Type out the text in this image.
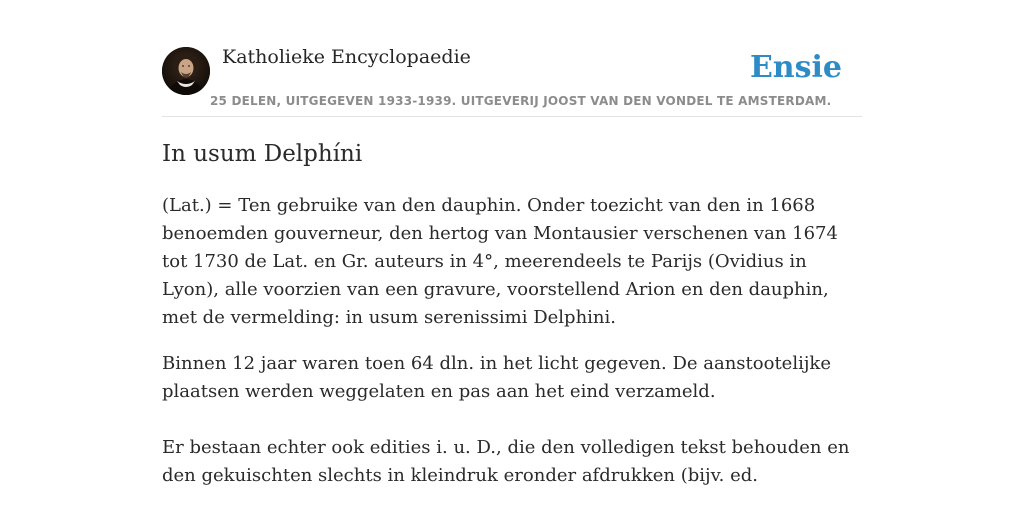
Katholieke Encyclopaedie
25 DELEN, UITGEGEVEN 1933-1939. UITGEVERIJ JOOST VAN DEN VONDEL TE AMSTERDAM.
Ensie
In usum Delphíni

(Lat.) = Ten gebruike van den dauphin. Onder toezicht van den in 1668 benoemden gouverneur, den hertog van Montausier verschenen van 1674 tot 1730 de Lat. en Gr. auteurs in 4°, meerendeels te Parijs (Ovidius in Lyon), alle voorzien van een gravure, voorstellend Arion en den dauphin, met de vermelding: in usum serenissimi Delphini.

Binnen 12 jaar waren toen 64 dln. in het licht gegeven. De aanstootelijke plaatsen werden weggelaten en pas aan het eind verzameld.

Er bestaan echter ook edities i. u. D., die den volledigen tekst behouden en den gekuischten slechts in kleindruk eronder afdrukken (bijv. ed.
